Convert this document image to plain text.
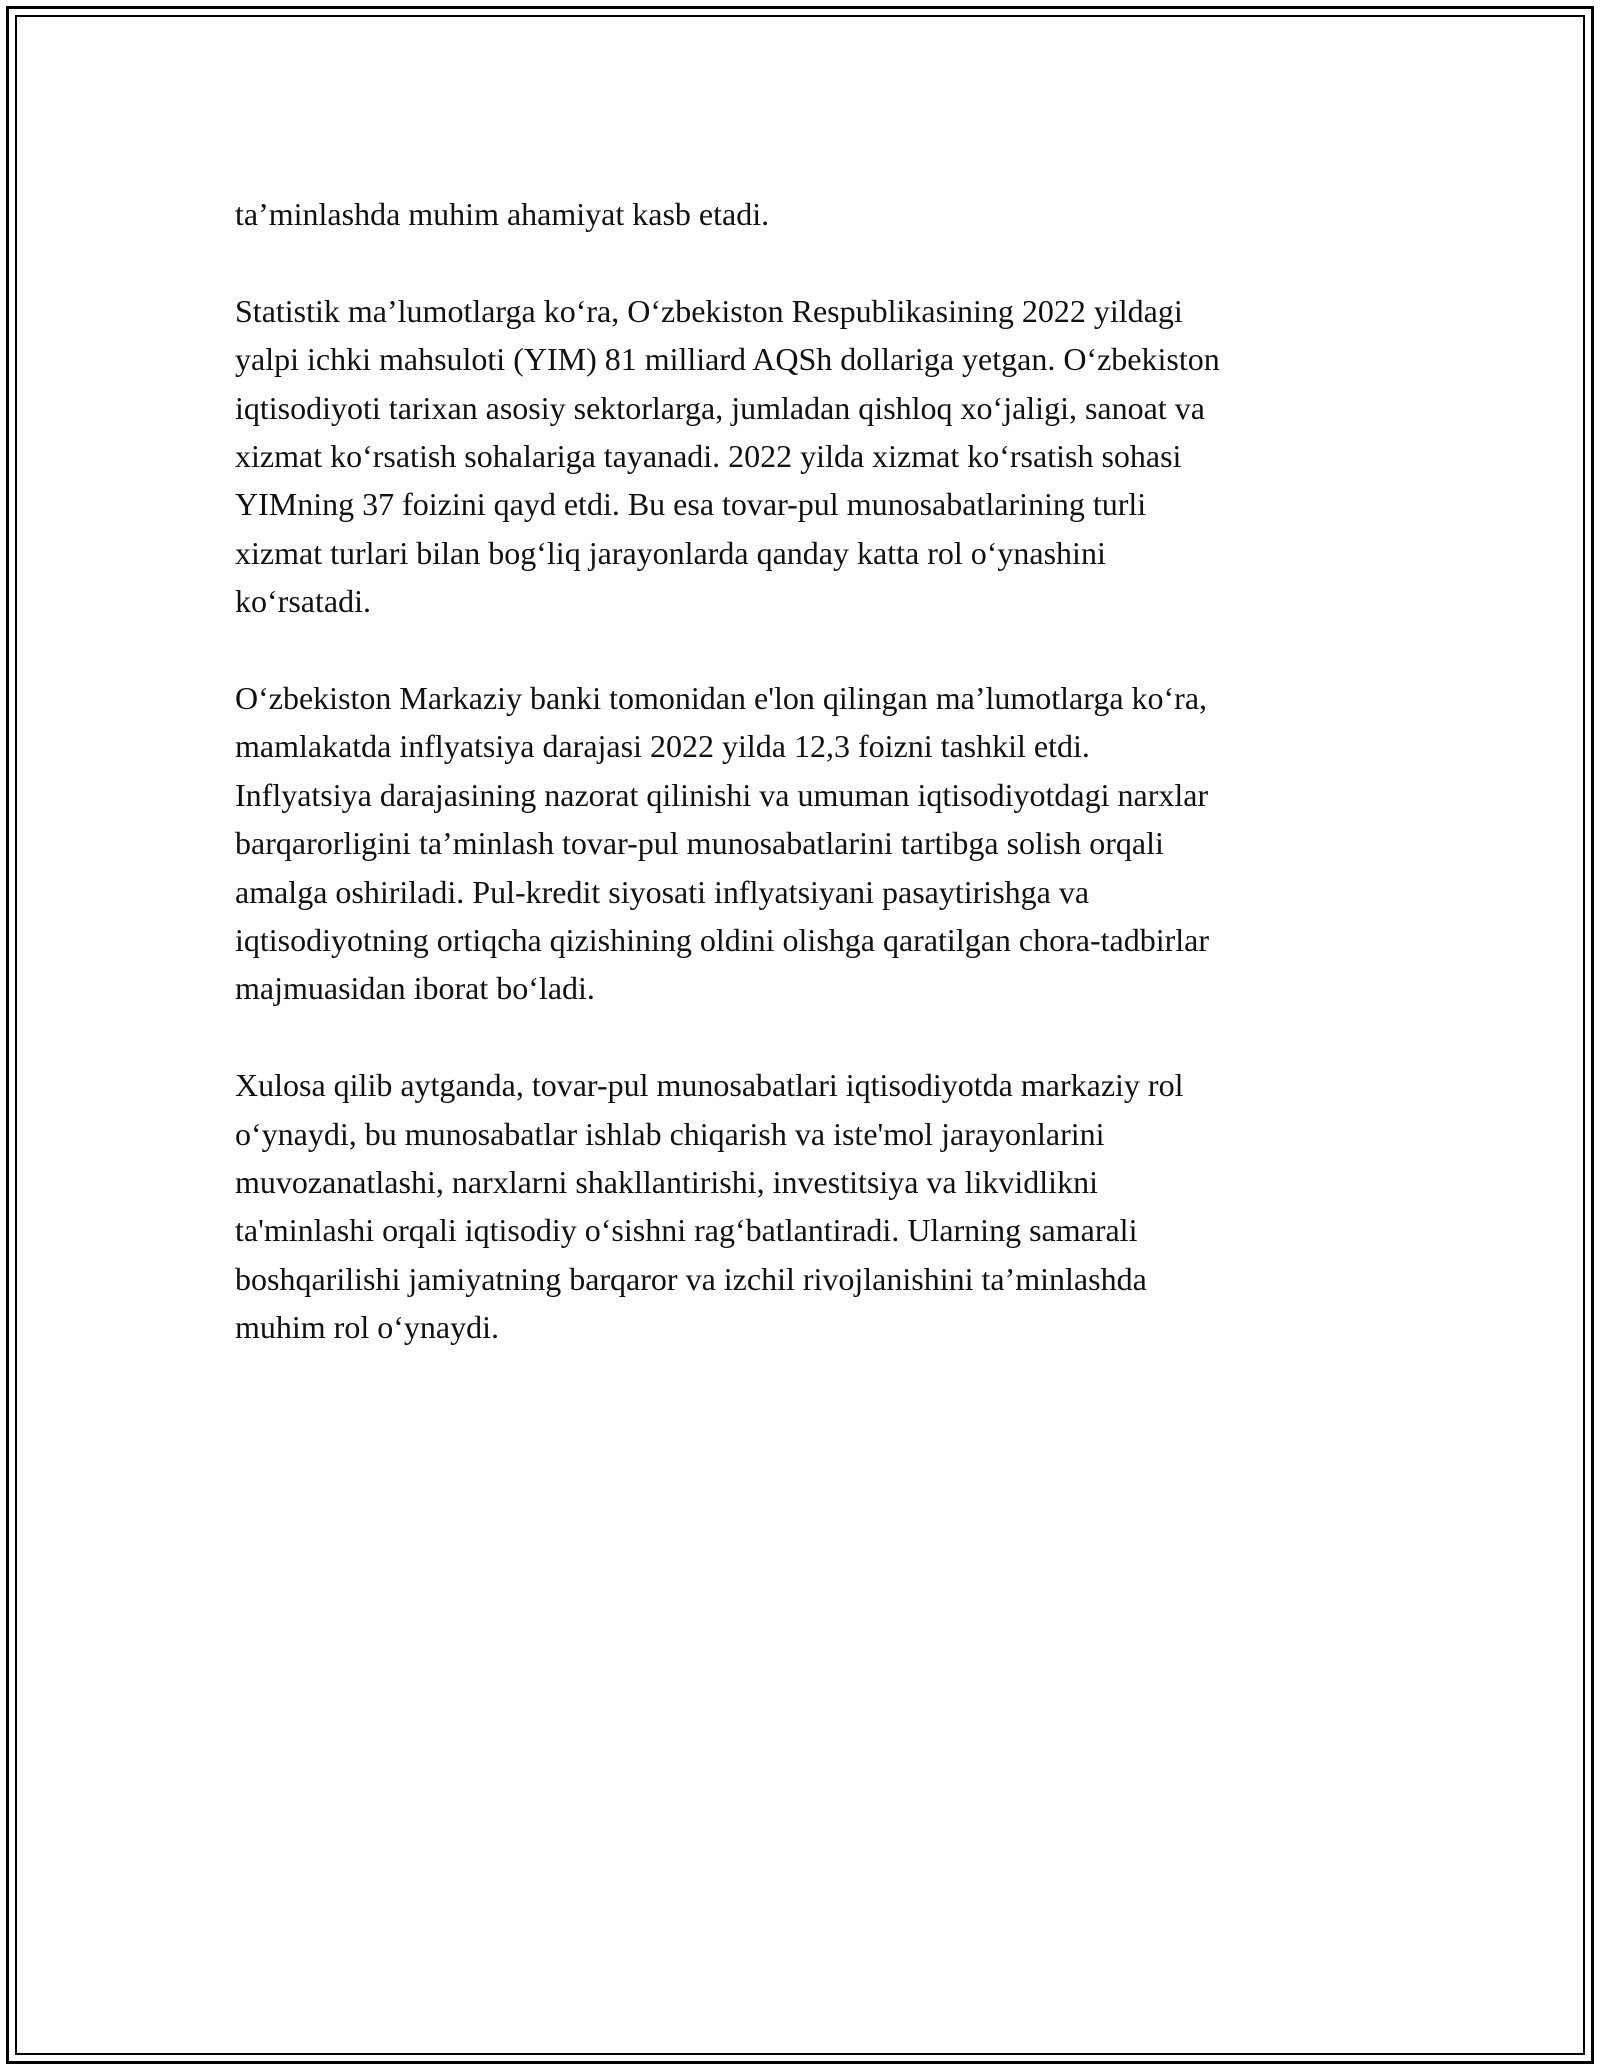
ta’minlashda muhim ahamiyat kasb etadi.

Statistik ma’lumotlarga ko‘ra, O‘zbekiston Respublikasining 2022 yildagi
yalpi ichki mahsuloti (YIM) 81 milliard AQSh dollariga yetgan. O‘zbekiston
iqtisodiyoti tarixan asosiy sektorlarga, jumladan qishloq xo‘jaligi, sanoat va
xizmat ko‘rsatish sohalariga tayanadi. 2022 yilda xizmat ko‘rsatish sohasi
YIMning 37 foizini qayd etdi. Bu esa tovar-pul munosabatlarining turli
xizmat turlari bilan bog‘liq jarayonlarda qanday katta rol o‘ynashini
ko‘rsatadi.

O‘zbekiston Markaziy banki tomonidan e'lon qilingan ma’lumotlarga ko‘ra,
mamlakatda inflyatsiya darajasi 2022 yilda 12,3 foizni tashkil etdi.
Inflyatsiya darajasining nazorat qilinishi va umuman iqtisodiyotdagi narxlar
barqarorligini ta’minlash tovar-pul munosabatlarini tartibga solish orqali
amalga oshiriladi. Pul-kredit siyosati inflyatsiyani pasaytirishga va
iqtisodiyotning ortiqcha qizishining oldini olishga qaratilgan chora-tadbirlar
majmuasidan iborat bo‘ladi.

Xulosa qilib aytganda, tovar-pul munosabatlari iqtisodiyotda markaziy rol
o‘ynaydi, bu munosabatlar ishlab chiqarish va iste'mol jarayonlarini
muvozanatlashi, narxlarni shakllantirishi, investitsiya va likvidlikni
ta'minlashi orqali iqtisodiy o‘sishni rag‘batlantiradi. Ularning samarali
boshqarilishi jamiyatning barqaror va izchil rivojlanishini ta’minlashda
muhim rol o‘ynaydi.
